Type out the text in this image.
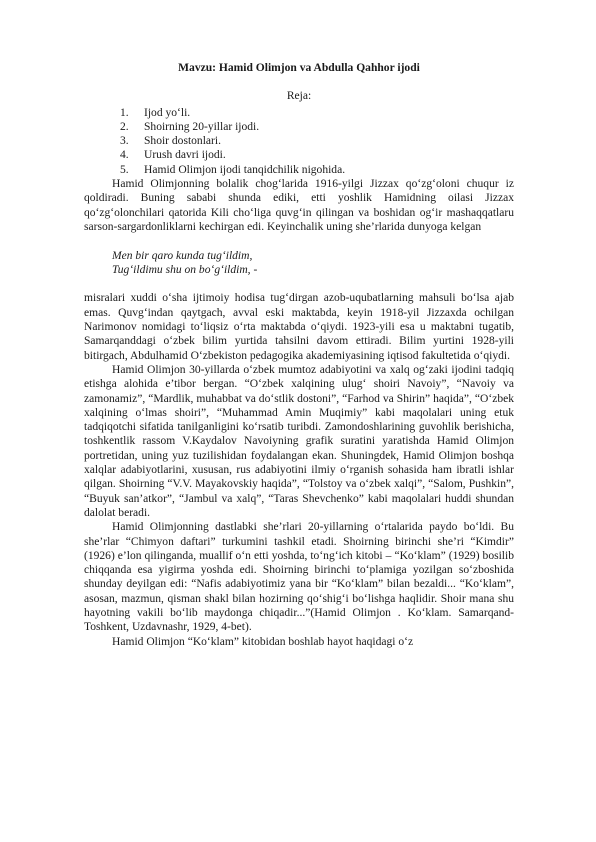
Mavzu: Hamid Olimjon va Abdulla Qahhor ijodi
Reja:
1.	Ijod yo‘li.
2.	Shoirning 20-yillar ijodi.
3.	Shoir dostonlari.
4.	Urush davri ijodi.
5.	Hamid Olimjon ijodi tanqidchilik nigohida.

Hamid Olimjonning bolalik chog‘larida 1916-yilgi Jizzax qo‘zg‘oloni chuqur iz qoldiradi. Buning sababi shunda ediki, etti yoshlik Hamidning oilasi Jizzax qo‘zg‘olonchilari qatorida Kili cho‘liga quvg‘in qilingan va boshidan og‘ir mashaqqatlaru sarson-sargardonliklarni kechirgan edi. Keyinchalik uning she’rlarida dunyoga kelgan

Men bir qaro kunda tug‘ildim,
Tug‘ildimu shu on bo‘g‘ildim, -

misralari xuddi o‘sha ijtimoiy hodisa tug‘dirgan azob-uqubatlarning mahsuli bo‘lsa ajab emas. Quvg‘indan qaytgach, avval eski maktabda, keyin 1918-yil Jizzaxda ochilgan Narimonov nomidagi to‘liqsiz o‘rta maktabda o‘qiydi. 1923-yili esa u maktabni tugatib, Samarqanddagi o‘zbek bilim yurtida tahsilni davom ettiradi. Bilim yurtini 1928-yili bitirgach, Abdulhamid O‘zbekiston pedagogika akademiyasining iqtisod fakultetida o‘qiydi.

Hamid Olimjon 30-yillarda o‘zbek mumtoz adabiyotini va xalq og‘zaki ijodini tadqiq etishga alohida e’tibor bergan. “O‘zbek xalqining ulug‘ shoiri Navoiy”, “Navoiy va zamonamiz”, “Mardlik, muhabbat va do‘stlik dostoni”, “Farhod va Shirin” haqida”, “O‘zbek xalqining o‘lmas shoiri”, “Muhammad Amin Muqimiy” kabi maqolalari uning etuk tadqiqotchi sifatida tanilganligini ko‘rsatib turibdi. Zamondoshlarining guvohlik berishicha, toshkentlik rassom V.Kaydalov Navoiyning grafik suratini yaratishda Hamid Olimjon portretidan, uning yuz tuzilishidan foydalangan ekan. Shuningdek, Hamid Olimjon boshqa xalqlar adabiyotlarini, xususan, rus adabiyotini ilmiy o‘rganish sohasida ham ibratli ishlar qilgan. Shoirning “V.V. Mayakovskiy haqida”, “Tolstoy va o‘zbek xalqi”, “Salom, Pushkin”, “Buyuk san’atkor”, “Jambul va xalq”, “Taras Shevchenko” kabi maqolalari huddi shundan dalolat beradi.

Hamid Olimjonning dastlabki she’rlari 20-yillarning o‘rtalarida paydo bo‘ldi. Bu she’rlar “Chimyon daftari” turkumini tashkil etadi. Shoirning birinchi she’ri “Kimdir” (1926) e’lon qilinganda, muallif o‘n etti yoshda, to‘ng‘ich kitobi – “Ko‘klam” (1929) bosilib chiqqanda esa yigirma yoshda edi. Shoirning birinchi to‘plamiga yozilgan so‘zboshida shunday deyilgan edi: “Nafis adabiyotimiz yana bir “Ko‘klam” bilan bezaldi... “Ko‘klam”, asosan, mazmun, qisman shakl bilan hozirning qo‘shig‘i bo‘lishga haqlidir. Shoir mana shu hayotning vakili bo‘lib maydonga chiqadir...”(Hamid Olimjon . Ko‘klam. Samarqand-Toshkent, Uzdavnashr, 1929, 4-bet).

Hamid Olimjon “Ko‘klam” kitobidan boshlab hayot haqidagi o‘z
